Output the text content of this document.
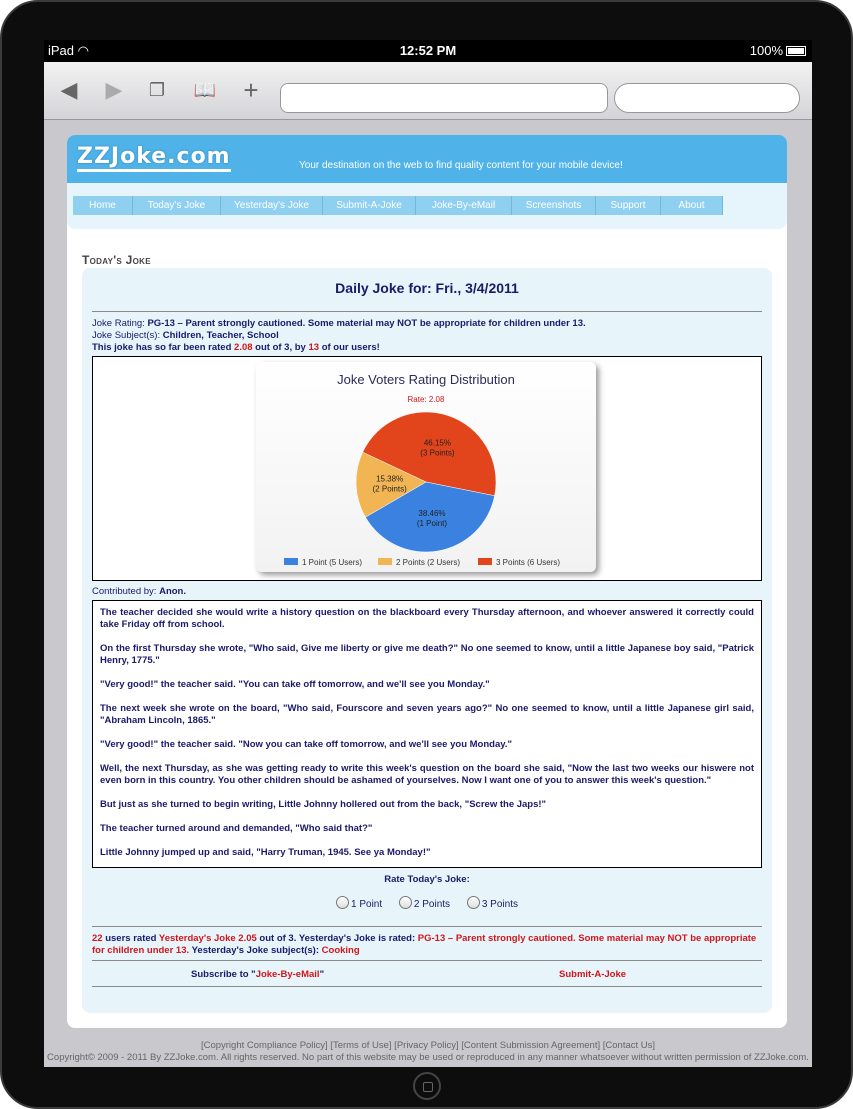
iPad ◠	12:52 PM	100%
◀ ▶ ❐ 📖 +
ZZJoke.com	Your destination on the web to find quality content for your mobile device!
Home	Today's Joke	Yesterday's Joke	Submit-A-Joke	Joke-By-eMail	Screenshots	Support	About
Today's Joke
Daily Joke for: Fri., 3/4/2011
Joke Rating: PG-13 – Parent strongly cautioned. Some material may NOT be appropriate for children under 13.
Joke Subject(s): Children, Teacher, School
This joke has so far been rated 2.08 out of 3, by 13 of our users!
Joke Voters Rating Distribution
Rate: 2.08
46.15%
(3 Points)
38.46%
(1 Point)
15.38%
(2 Points)
1 Point (5 Users)	2 Points (2 Users)	3 Points (6 Users)
Contributed by: Anon.

The teacher decided she would write a history question on the blackboard every Thursday afternoon, and whoever answered it correctly could take Friday off from school.

On the first Thursday she wrote, "Who said, Give me liberty or give me death?" No one seemed to know, until a little Japanese boy said, "Patrick Henry, 1775."

"Very good!" the teacher said. "You can take off tomorrow, and we'll see you Monday."

The next week she wrote on the board, "Who said, Fourscore and seven years ago?" No one seemed to know, until a little Japanese girl said, "Abraham Lincoln, 1865."

"Very good!" the teacher said. "Now you can take off tomorrow, and we'll see you Monday."

Well, the next Thursday, as she was getting ready to write this week's question on the board she said, "Now the last two weeks our hiswere not even born in this country. You other children should be ashamed of yourselves. Now I want one of you to answer this week's question."

But just as she turned to begin writing, Little Johnny hollered out from the back, "Screw the Japs!"

The teacher turned around and demanded, "Who said that?"

Little Johnny jumped up and said, "Harry Truman, 1945. See ya Monday!"

Rate Today's Joke:
1 Point	2 Points	3 Points
22 users rated Yesterday's Joke 2.05 out of 3. Yesterday's Joke is rated: PG-13 – Parent strongly cautioned. Some material may NOT be appropriate for children under 13. Yesterday's Joke subject(s): Cooking
Subscribe to "Joke-By-eMail"	Submit-A-Joke
[Copyright Compliance Policy] [Terms of Use] [Privacy Policy] [Content Submission Agreement] [Contact Us]
Copyright© 2009 - 2011 By ZZJoke.com. All rights reserved. No part of this website may be used or reproduced in any manner whatsoever without written permission of ZZJoke.com.
